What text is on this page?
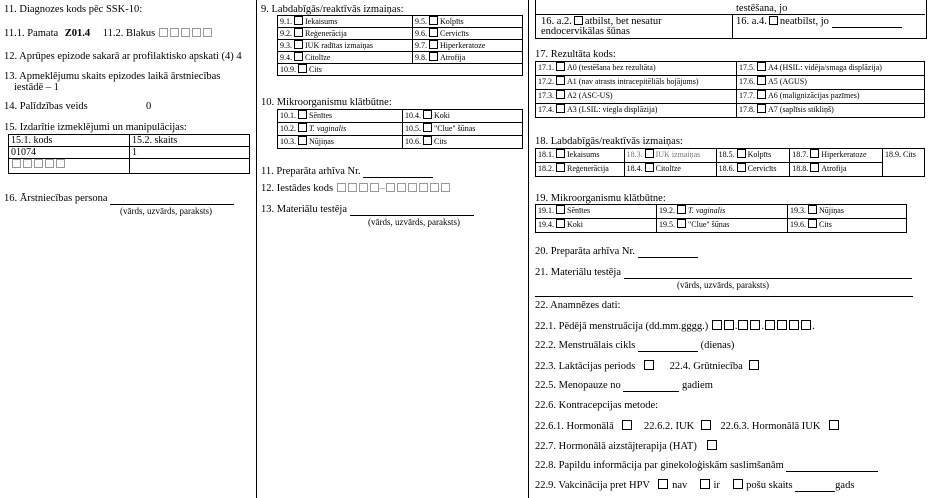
11. Diagnozes kods pēc SSK-10:
11.1. Pamata Z01.4 11.2. Blakus
12. Aprūpes epizode sakarā ar profilaktisko apskati (4) 4
13. Apmeklējumu skaits epizodes laikā ārstniecības
iestādē – 1
14. Palīdzības veids	0
15. Izdarītie izmeklējumi un manipulācijas:
15.1. kods	15.2. skaits
01074	1

16. Ārstniecības persona
(vārds, uzvārds, paraksts)
9. Labdabīgās/reaktīvās izmaiņas:
9.1. Iekaisums	9.5. Kolpīts
9.2. Reģenerācija	9.6. Cervicīts
9.3. IUK radītas izmaiņas	9.7. Hiperkeratoze
9.4. Citolīze	9.8. Atrofija
10.9. Cits	
10. Mikroorganismu klātbūtne:
10.1. Sēnītes	10.4. Koki
10.2. T. vaginalis	10.5. "Clue" šūnas
10.3. Nūjiņas	10.6. Cits
11. Preparāta arhīva Nr.
12. Iestādes kods	–
13. Materiālu testēja
(vārds, uzvārds, paraksts)
testēšana, jo
16. a.2. atbilst, bet nesatur
endocervikālas šūnas
16. a.4. neatbilst, jo
17. Rezultāta kods:
17.1. A0 (testēšana bez rezultāta)	17.5. A4 (HSIL: vidēja/smaga displāzija)
17.2. A1 (nav atrasts intracepitēliāls bojājums)	17.6. A5 (AGUS)
17.3. A2 (ASC-US)	17.7. A6 (malignizācijas pazīmes)
17.4. A3 (LSIL: viegla displāzija)	17.8. A7 (saplīsis stikliņš)
18. Labdabīgās/reaktīvās izmaiņas:
18.1. Iekaisums	18.3. IUK izmaiņas	18.5. Kolpīts	18.7. Hiperkeratoze	18.9. Cits
18.2. Reģenerācija	18.4. Citolīze	18.6. Cervicīts	18.8. Atrofija	
19. Mikroorganismu klātbūtne:
19.1. Sēnītes	19.2. T. vaginalis	19.3. Nūjiņas
19.4. Koki	19.5. "Clue" šūnas	19.6. Cits
20. Preparāta arhīva Nr.
21. Materiālu testēja
(vārds, uzvārds, paraksts)
22. Anamnēzes dati:
22.1. Pēdējā menstruācija (dd.mm.gggg.)	. .	.
22.2. Menstruālais cikls	(dienas)
22.3. Laktācijas periods	22.4. Grūtniecība
22.5. Menopauze no	gadiem
22.6. Kontracepcijas metode:
22.6.1. Hormonālā	22.6.2. IUK	22.6.3. Hormonālā IUK
22.7. Hormonālā aizstājterapija (HAT)
22.8. Papildu informācija par ginekoloģiskām saslimšanām
22.9. Vakcinācija pret HPV nav	ir	pošu skaits	gads
